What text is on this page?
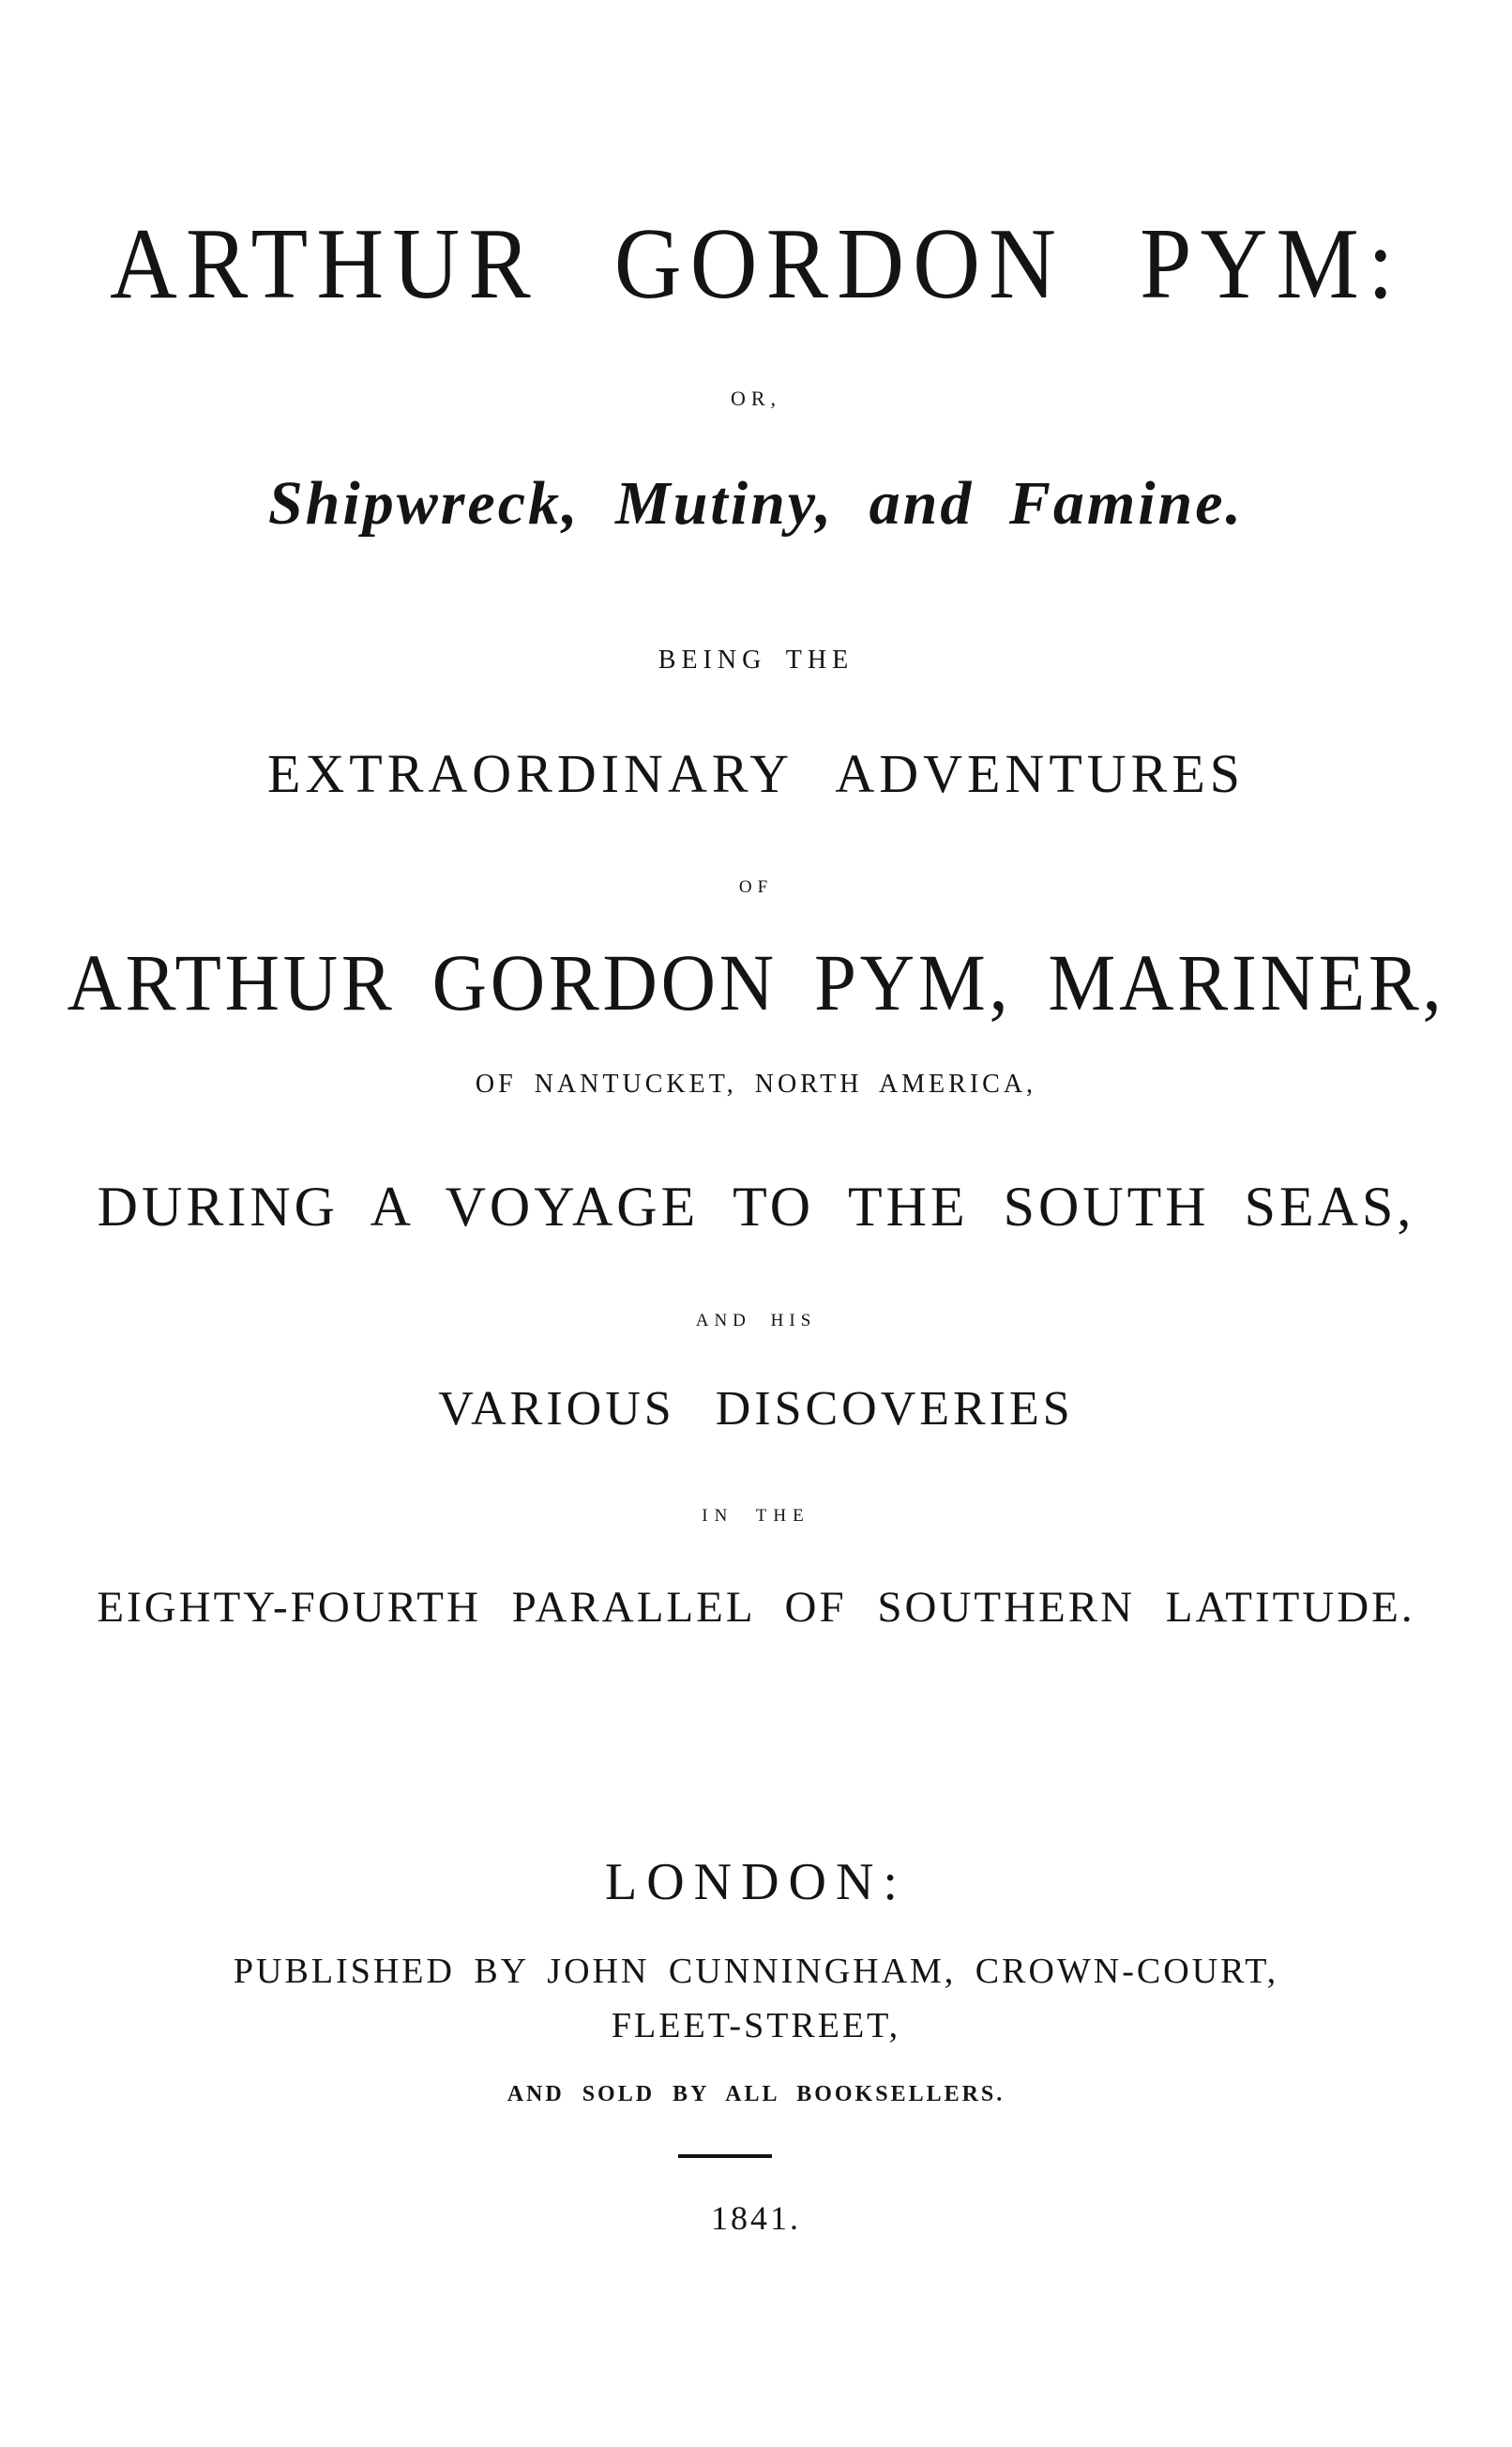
ARTHUR GORDON PYM:
OR,
Shipwreck, Mutiny, and Famine.
BEING THE
EXTRAORDINARY ADVENTURES
OF
ARTHUR GORDON PYM, MARINER,
OF NANTUCKET, NORTH AMERICA,
DURING A VOYAGE TO THE SOUTH SEAS,
AND HIS
VARIOUS DISCOVERIES
IN THE
EIGHTY-FOURTH PARALLEL OF SOUTHERN LATITUDE.
LONDON:
PUBLISHED BY JOHN CUNNINGHAM, CROWN-COURT,
FLEET-STREET,
AND SOLD BY ALL BOOKSELLERS.
1841.
